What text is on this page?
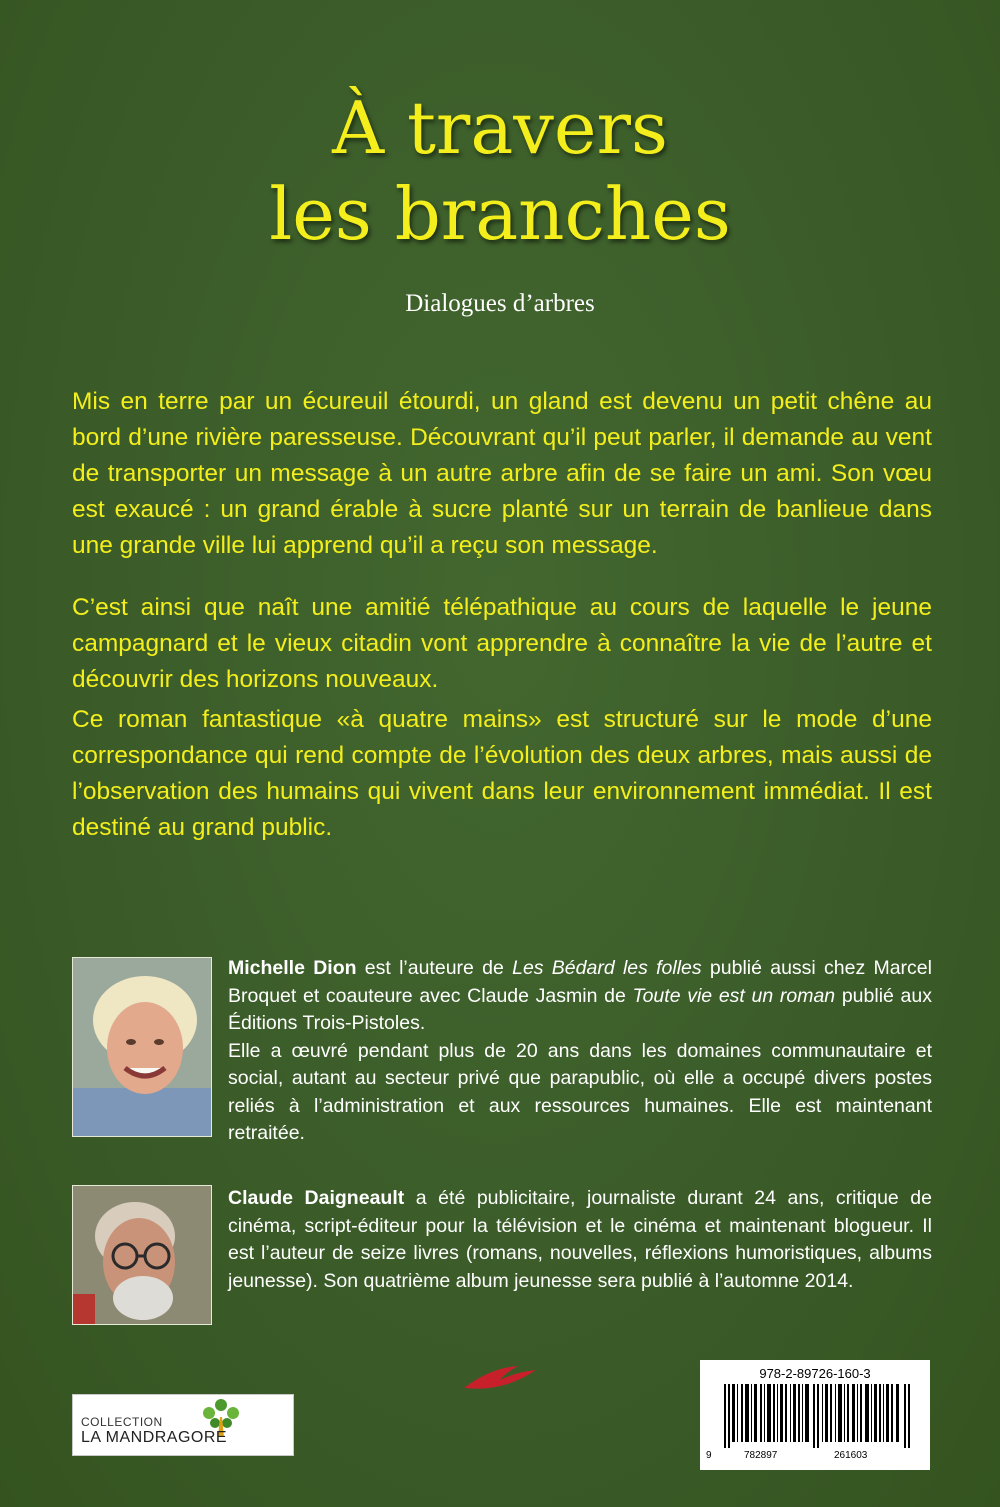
À travers
les branches
Dialogues d’arbres

Mis en terre par un écureuil étourdi, un gland est devenu un petit chêne au bord d’une rivière paresseuse. Découvrant qu’il peut parler, il demande au vent de transporter un message à un autre arbre afin de se faire un ami. Son vœu est exaucé : un grand érable à sucre planté sur un terrain de banlieue dans une grande ville lui apprend qu’il a reçu son message.

C’est ainsi que naît une amitié télépathique au cours de laquelle le jeune campagnard et le vieux citadin vont apprendre à connaître la vie de l’autre et découvrir des horizons nouveaux.

Ce roman fantastique «à quatre mains» est structuré sur le mode d’une correspondance qui rend compte de l’évolution des deux arbres, mais aussi de l’observation des humains qui vivent dans leur environnement immédiat. Il est destiné au grand public.

Michelle Dion est l’auteure de Les Bédard les folles publié aussi chez Marcel Broquet et coauteure avec Claude Jasmin de Toute vie est un roman publié aux Éditions Trois-Pistoles.
Elle a œuvré pendant plus de 20 ans dans les domaines communautaire et social, autant au secteur privé que parapublic, où elle a occupé divers postes reliés à l’administration et aux ressources humaines. Elle est maintenant retraitée.

Claude Daigneault a été publicitaire, journaliste durant 24 ans, critique de cinéma, script-éditeur pour la télévision et le cinéma et maintenant blogueur. Il est l’auteur de seize livres (romans, nouvelles, réflexions humoristiques, albums jeunesse). Son quatrième album jeunesse sera publié à l’automne 2014.

COLLECTION
LA MANDRAGORE
978-2-89726-160-3
9	782897	261603
